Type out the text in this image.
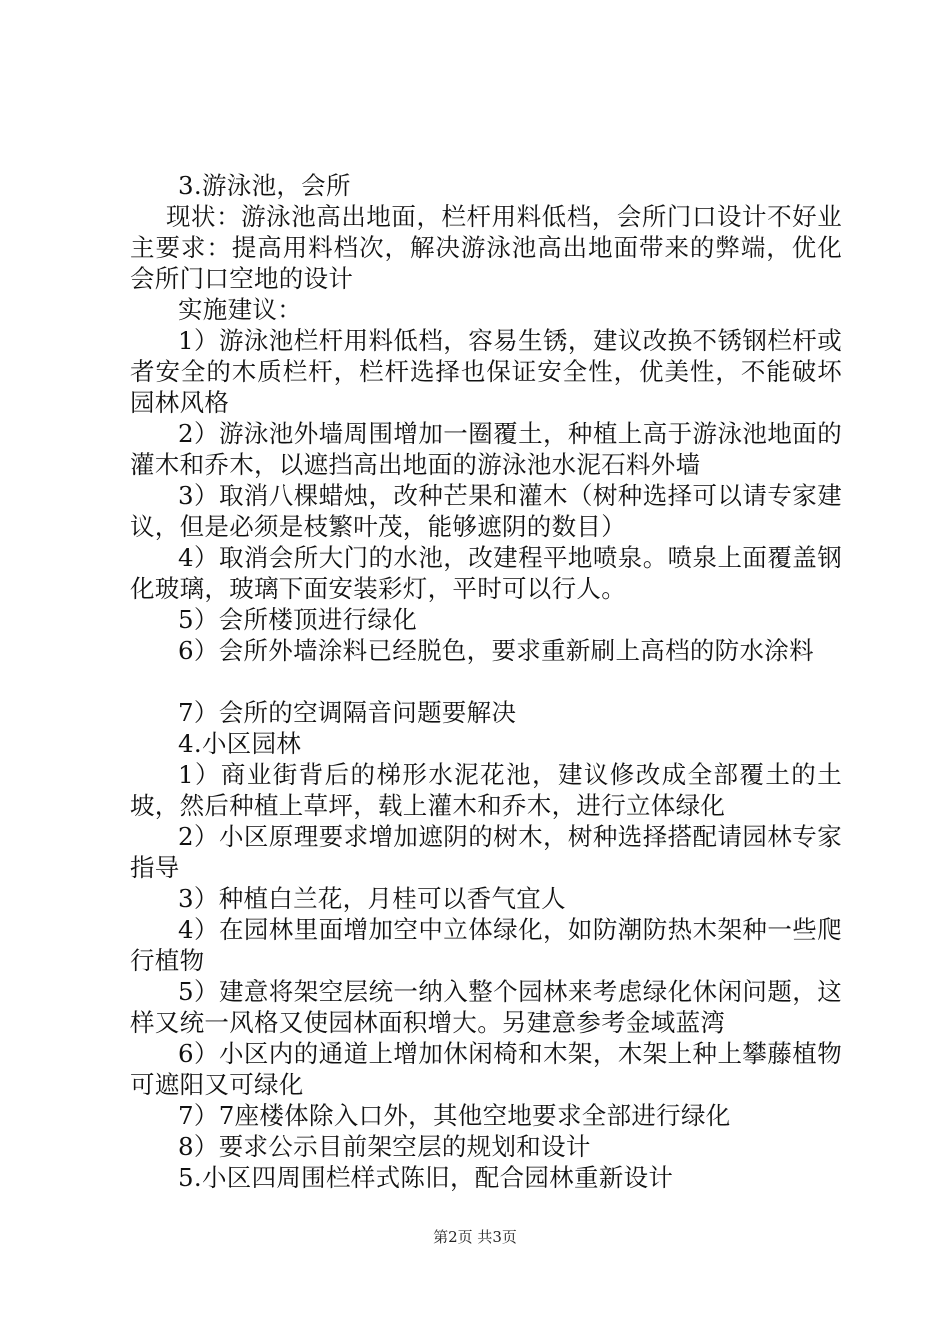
3.游泳池，会所

现状：游泳池高出地面，栏杆用料低档，会所门口设计不好业主要求：提高用料档次，解决游泳池高出地面带来的弊端，优化会所门口空地的设计

实施建议：

1）游泳池栏杆用料低档，容易生锈，建议改换不锈钢栏杆或者安全的木质栏杆，栏杆选择也保证安全性，优美性，不能破坏园林风格

2）游泳池外墙周围增加一圈覆土，种植上高于游泳池地面的灌木和乔木，以遮挡高出地面的游泳池水泥石料外墙

3）取消八棵蜡烛，改种芒果和灌木（树种选择可以请专家建议，但是必须是枝繁叶茂，能够遮阴的数目）

4）取消会所大门的水池，改建程平地喷泉。喷泉上面覆盖钢化玻璃，玻璃下面安装彩灯，平时可以行人。

5）会所楼顶进行绿化

6）会所外墙涂料已经脱色，要求重新刷上高档的防水涂料

7）会所的空调隔音问题要解决

4.小区园林

1）商业街背后的梯形水泥花池，建议修改成全部覆土的土坡，然后种植上草坪，载上灌木和乔木，进行立体绿化

2）小区原理要求增加遮阴的树木，树种选择搭配请园林专家指导

3）种植白兰花，月桂可以香气宜人

4）在园林里面增加空中立体绿化，如防潮防热木架种一些爬行植物

5）建意将架空层统一纳入整个园林来考虑绿化休闲问题，这样又统一风格又使园林面积增大。另建意参考金域蓝湾

6）小区内的通道上增加休闲椅和木架，木架上种上攀藤植物可遮阳又可绿化

7）7座楼体除入口外，其他空地要求全部进行绿化

8）要求公示目前架空层的规划和设计

5.小区四周围栏样式陈旧，配合园林重新设计

第2页 共3页
